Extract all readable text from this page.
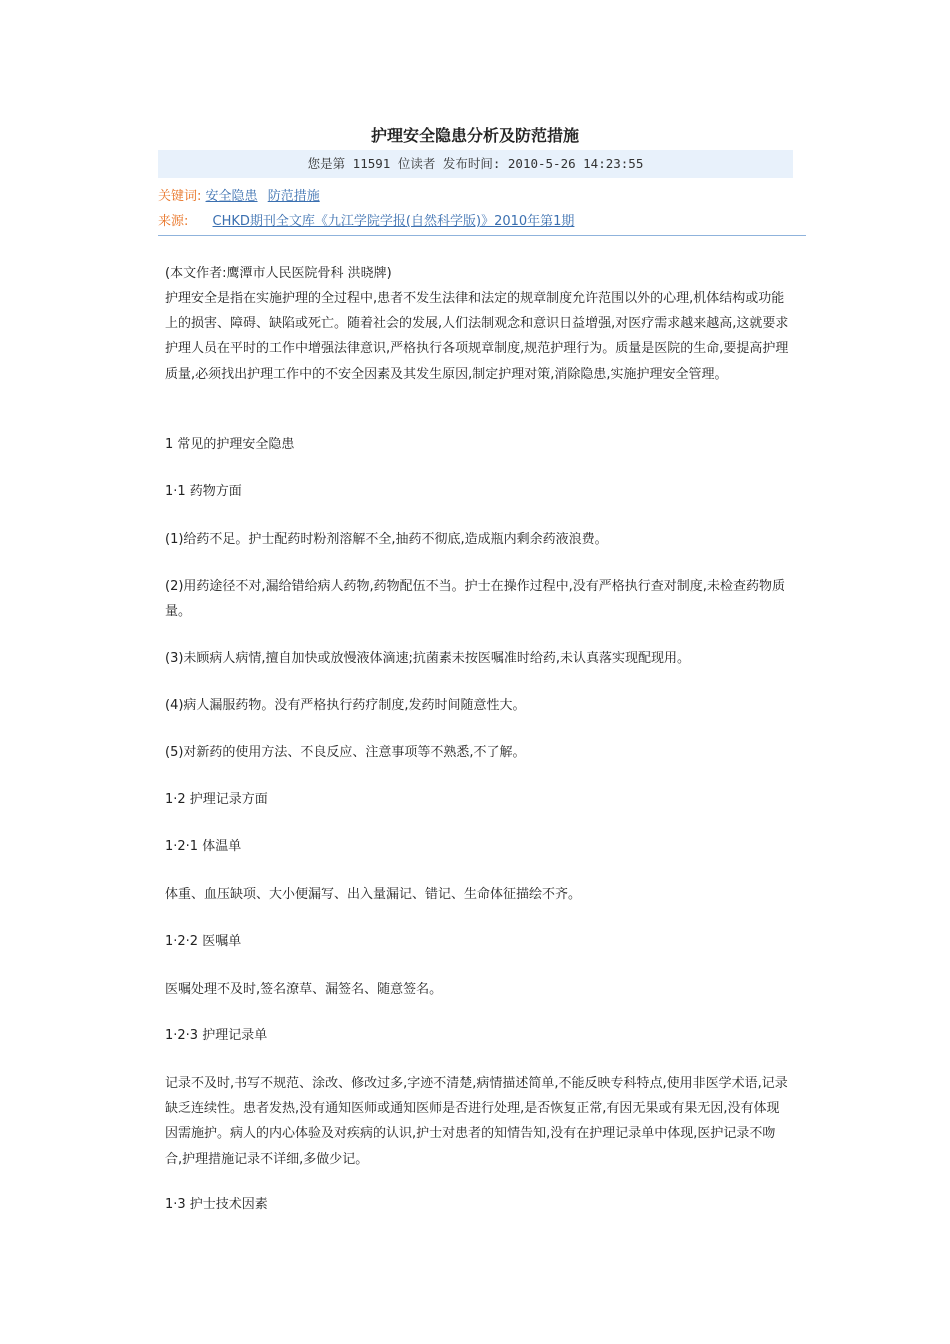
护理安全隐患分析及防范措施
您是第 11591 位读者 发布时间: 2010-5-26 14:23:55
关键词: 安全隐患 防范措施
来源: CHKD期刊全文库《九江学院学报(自然科学版)》2010年第1期
(本文作者:鹰潭市人民医院骨科 洪晓牌)
护理安全是指在实施护理的全过程中,患者不发生法律和法定的规章制度允许范围以外的心理,机体结构或功能上的损害、障碍、缺陷或死亡。随着社会的发展,人们法制观念和意识日益增强,对医疗需求越来越高,这就要求护理人员在平时的工作中增强法律意识,严格执行各项规章制度,规范护理行为。质量是医院的生命,要提高护理质量,必须找出护理工作中的不安全因素及其发生原因,制定护理对策,消除隐患,实施护理安全管理。
1 常见的护理安全隐患
1·1 药物方面
(1)给药不足。护士配药时粉剂溶解不全,抽药不彻底,造成瓶内剩余药液浪费。
(2)用药途径不对,漏给错给病人药物,药物配伍不当。护士在操作过程中,没有严格执行查对制度,未检查药物质量。
(3)未顾病人病情,擅自加快或放慢液体滴速;抗菌素未按医嘱准时给药,未认真落实现配现用。
(4)病人漏服药物。没有严格执行药疗制度,发药时间随意性大。
(5)对新药的使用方法、不良反应、注意事项等不熟悉,不了解。
1·2 护理记录方面
1·2·1 体温单
体重、血压缺项、大小便漏写、出入量漏记、错记、生命体征描绘不齐。
1·2·2 医嘱单
医嘱处理不及时,签名潦草、漏签名、随意签名。
1·2·3 护理记录单
记录不及时,书写不规范、涂改、修改过多,字迹不清楚,病情描述简单,不能反映专科特点,使用非医学术语,记录缺乏连续性。患者发热,没有通知医师或通知医师是否进行处理,是否恢复正常,有因无果或有果无因,没有体现因需施护。病人的内心体验及对疾病的认识,护士对患者的知情告知,没有在护理记录单中体现,医护记录不吻合,护理措施记录不详细,多做少记。
1·3 护士技术因素
